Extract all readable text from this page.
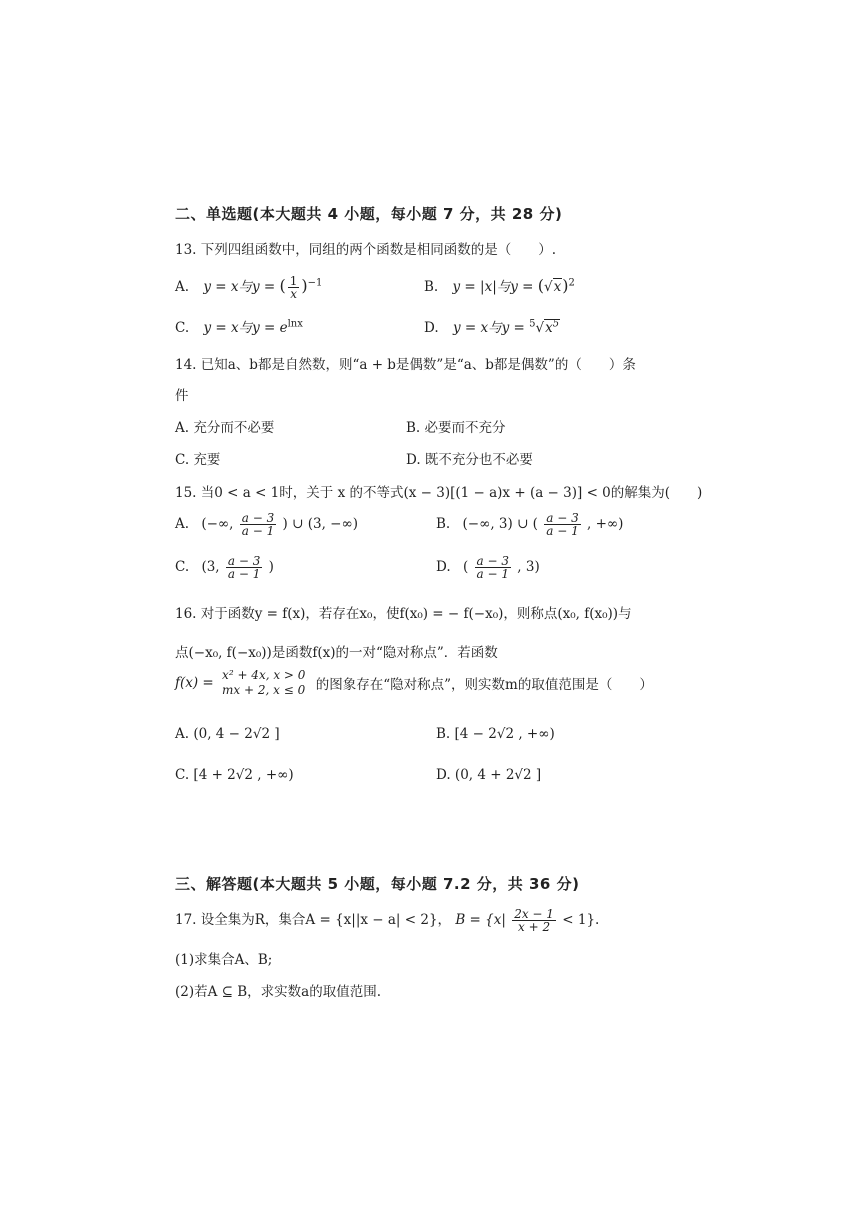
二、单选题(本大题共 4 小题，每小题 7 分，共 28 分)
13. 下列四组函数中，同组的两个函数是相同函数的是（　　）.
A. y = x与y = ( $\frac{1}{x} )^{-1}$	B. y = |x|与$y = (√x)^2$
C. y = x与$y = e^{lnx}$	D. y = x与$y = ^5√x^5$
14. 已知a、b都是自然数，则“a + b是偶数”是“a、b都是偶数”的（　　）条
件
A. 充分而不必要	B. 必要而不充分
C. 充要	D. 既不充分也不必要
15. 当0 < a < 1时，关于 x 的不等式(x − 3)[(1 − a)x + (a − 3)] < 0的解集为(　　)
A. (−∞, $\frac{a - 3}{a - 1}$ ) ∪ (3, −∞)	B. (−∞, 3) ∪ ( $\frac{a - 3}{a - 1}$ , +∞)
C. (3, $\frac{a - 3}{a - 1}$ )	D. ( $\frac{a - 3}{a - 1}$ , 3)
16. 对于函数y = f(x)，若存在x₀，使f(x₀) = − f(−x₀)，则称点(x₀, f(x₀))与
点(−x₀, f(−x₀))是函数f(x)的一对“隐对称点”．若函数
f(x) = x² + 4x, x > 0
mx + 2, x ≤ 0 的图象存在“隐对称点”，则实数m的取值范围是（　　）
A. (0, 4 − 2√2 ]	B. [4 − 2√2 , +∞)
C. [4 + 2√2 , +∞)	D. (0, 4 + 2√2 ]
三、解答题(本大题共 5 小题，每小题 7.2 分，共 36 分)
17. 设全集为R，集合A = {x||x − a| < 2}， $B = \{x| \frac{2x - 1}{x + 2} < 1\}$.
(1)求集合A、B;
(2)若A ⊆ B，求实数a的取值范围.
